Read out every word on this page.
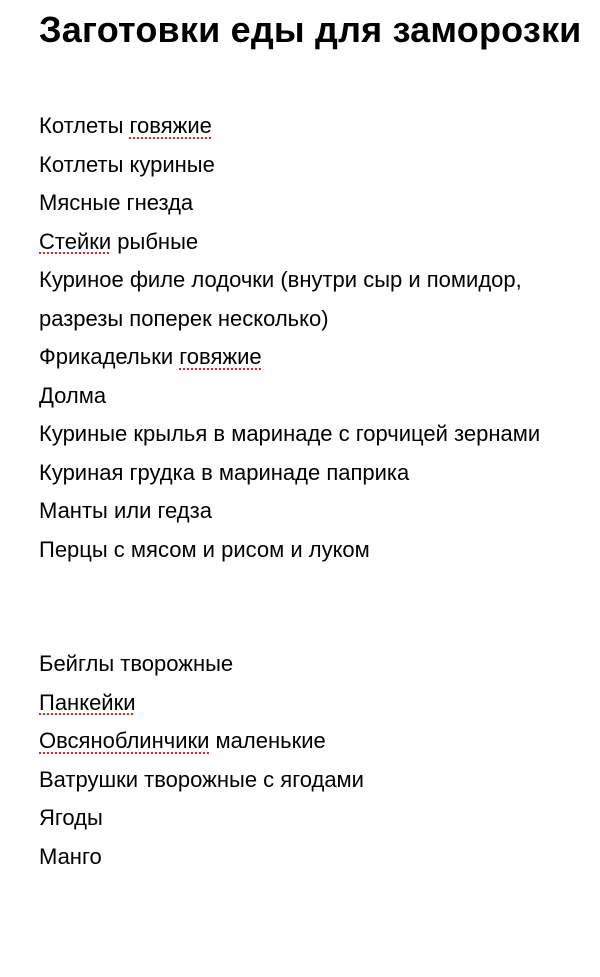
Заготовки еды для заморозки
Котлеты говяжие
Котлеты куриные
Мясные гнезда
Стейки рыбные
Куриное филе лодочки (внутри сыр и помидор, разрезы поперек несколько)
Фрикадельки говяжие
Долма
Куриные крылья в маринаде с горчицей зернами
Куриная грудка в маринаде паприка
Манты или гедза
Перцы с мясом и рисом и луком
Бейглы творожные
Панкейки
Овсяноблинчики маленькие
Ватрушки творожные с ягодами
Ягоды
Манго
